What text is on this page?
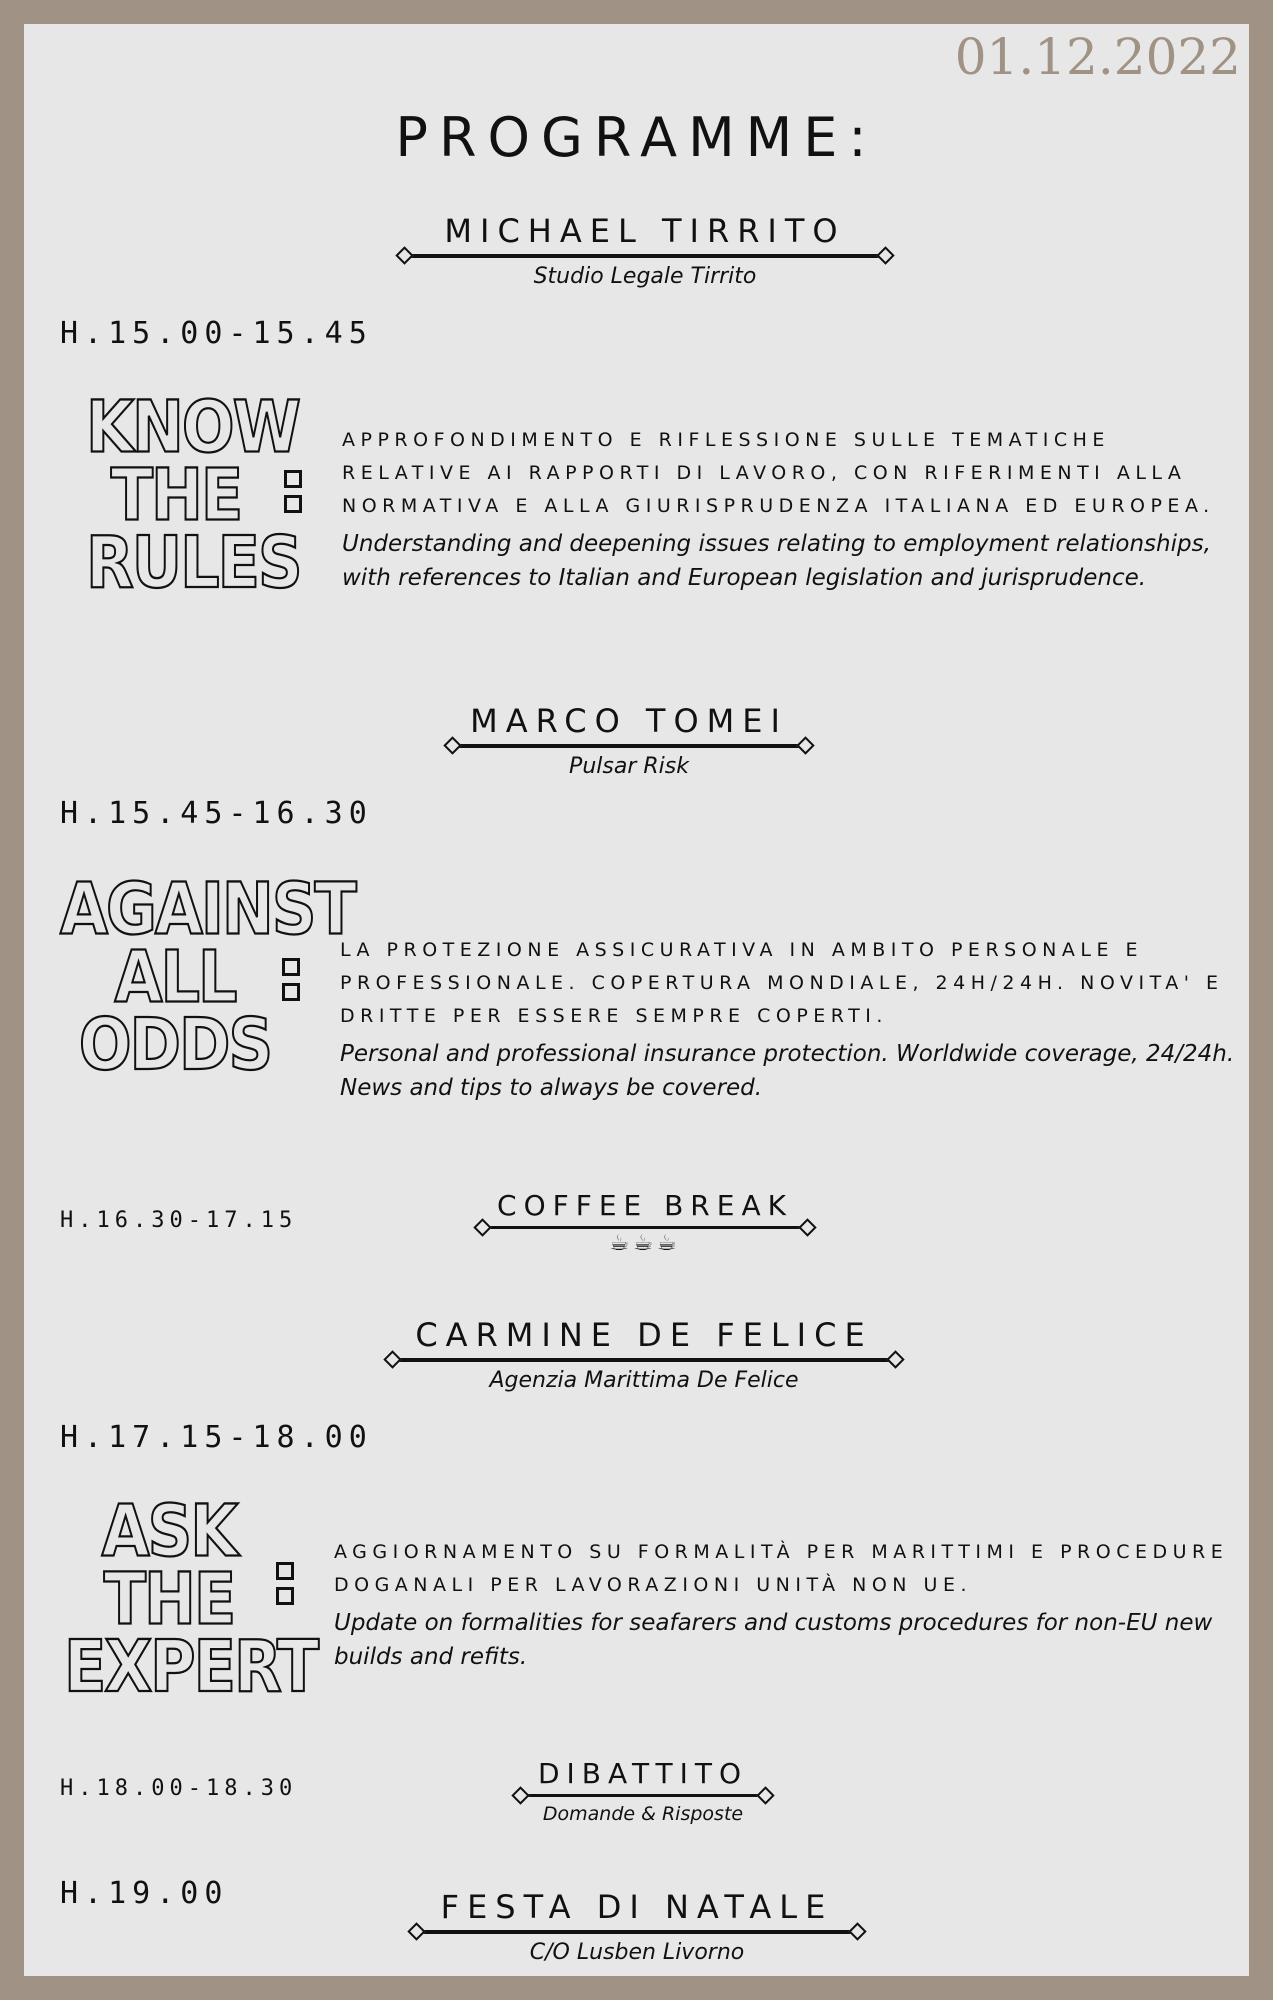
01.12.2022
PROGRAMME:
MICHAEL TIRRITO
Studio Legale Tirrito
H.15.00-15.45
KNOW
THE
RULES
APPROFONDIMENTO E RIFLESSIONE SULLE TEMATICHE RELATIVE AI RAPPORTI DI LAVORO, CON RIFERIMENTI ALLA NORMATIVA E ALLA GIURISPRUDENZA ITALIANA ED EUROPEA.
Understanding and deepening issues relating to employment relationships, with references to Italian and European legislation and jurisprudence.
MARCO TOMEI
Pulsar Risk
H.15.45-16.30
AGAINST
ALL
ODDS
LA PROTEZIONE ASSICURATIVA IN AMBITO PERSONALE E PROFESSIONALE. COPERTURA MONDIALE, 24H/24H. NOVITA' E DRITTE PER ESSERE SEMPRE COPERTI.
Personal and professional insurance protection. Worldwide coverage, 24/24h. News and tips to always be covered.
H.16.30-17.15	COFFEE BREAK
☕☕☕
CARMINE DE FELICE
Agenzia Marittima De Felice
H.17.15-18.00
ASK
THE
EXPERT
AGGIORNAMENTO SU FORMALITÀ PER MARITTIMI E PROCEDURE DOGANALI PER LAVORAZIONI UNITÀ NON UE.
Update on formalities for seafarers and customs procedures for non-EU new builds and refits.
H.18.00-18.30	DIBATTITO
Domande & Risposte
H.19.00	FESTA DI NATALE
C/O Lusben Livorno
